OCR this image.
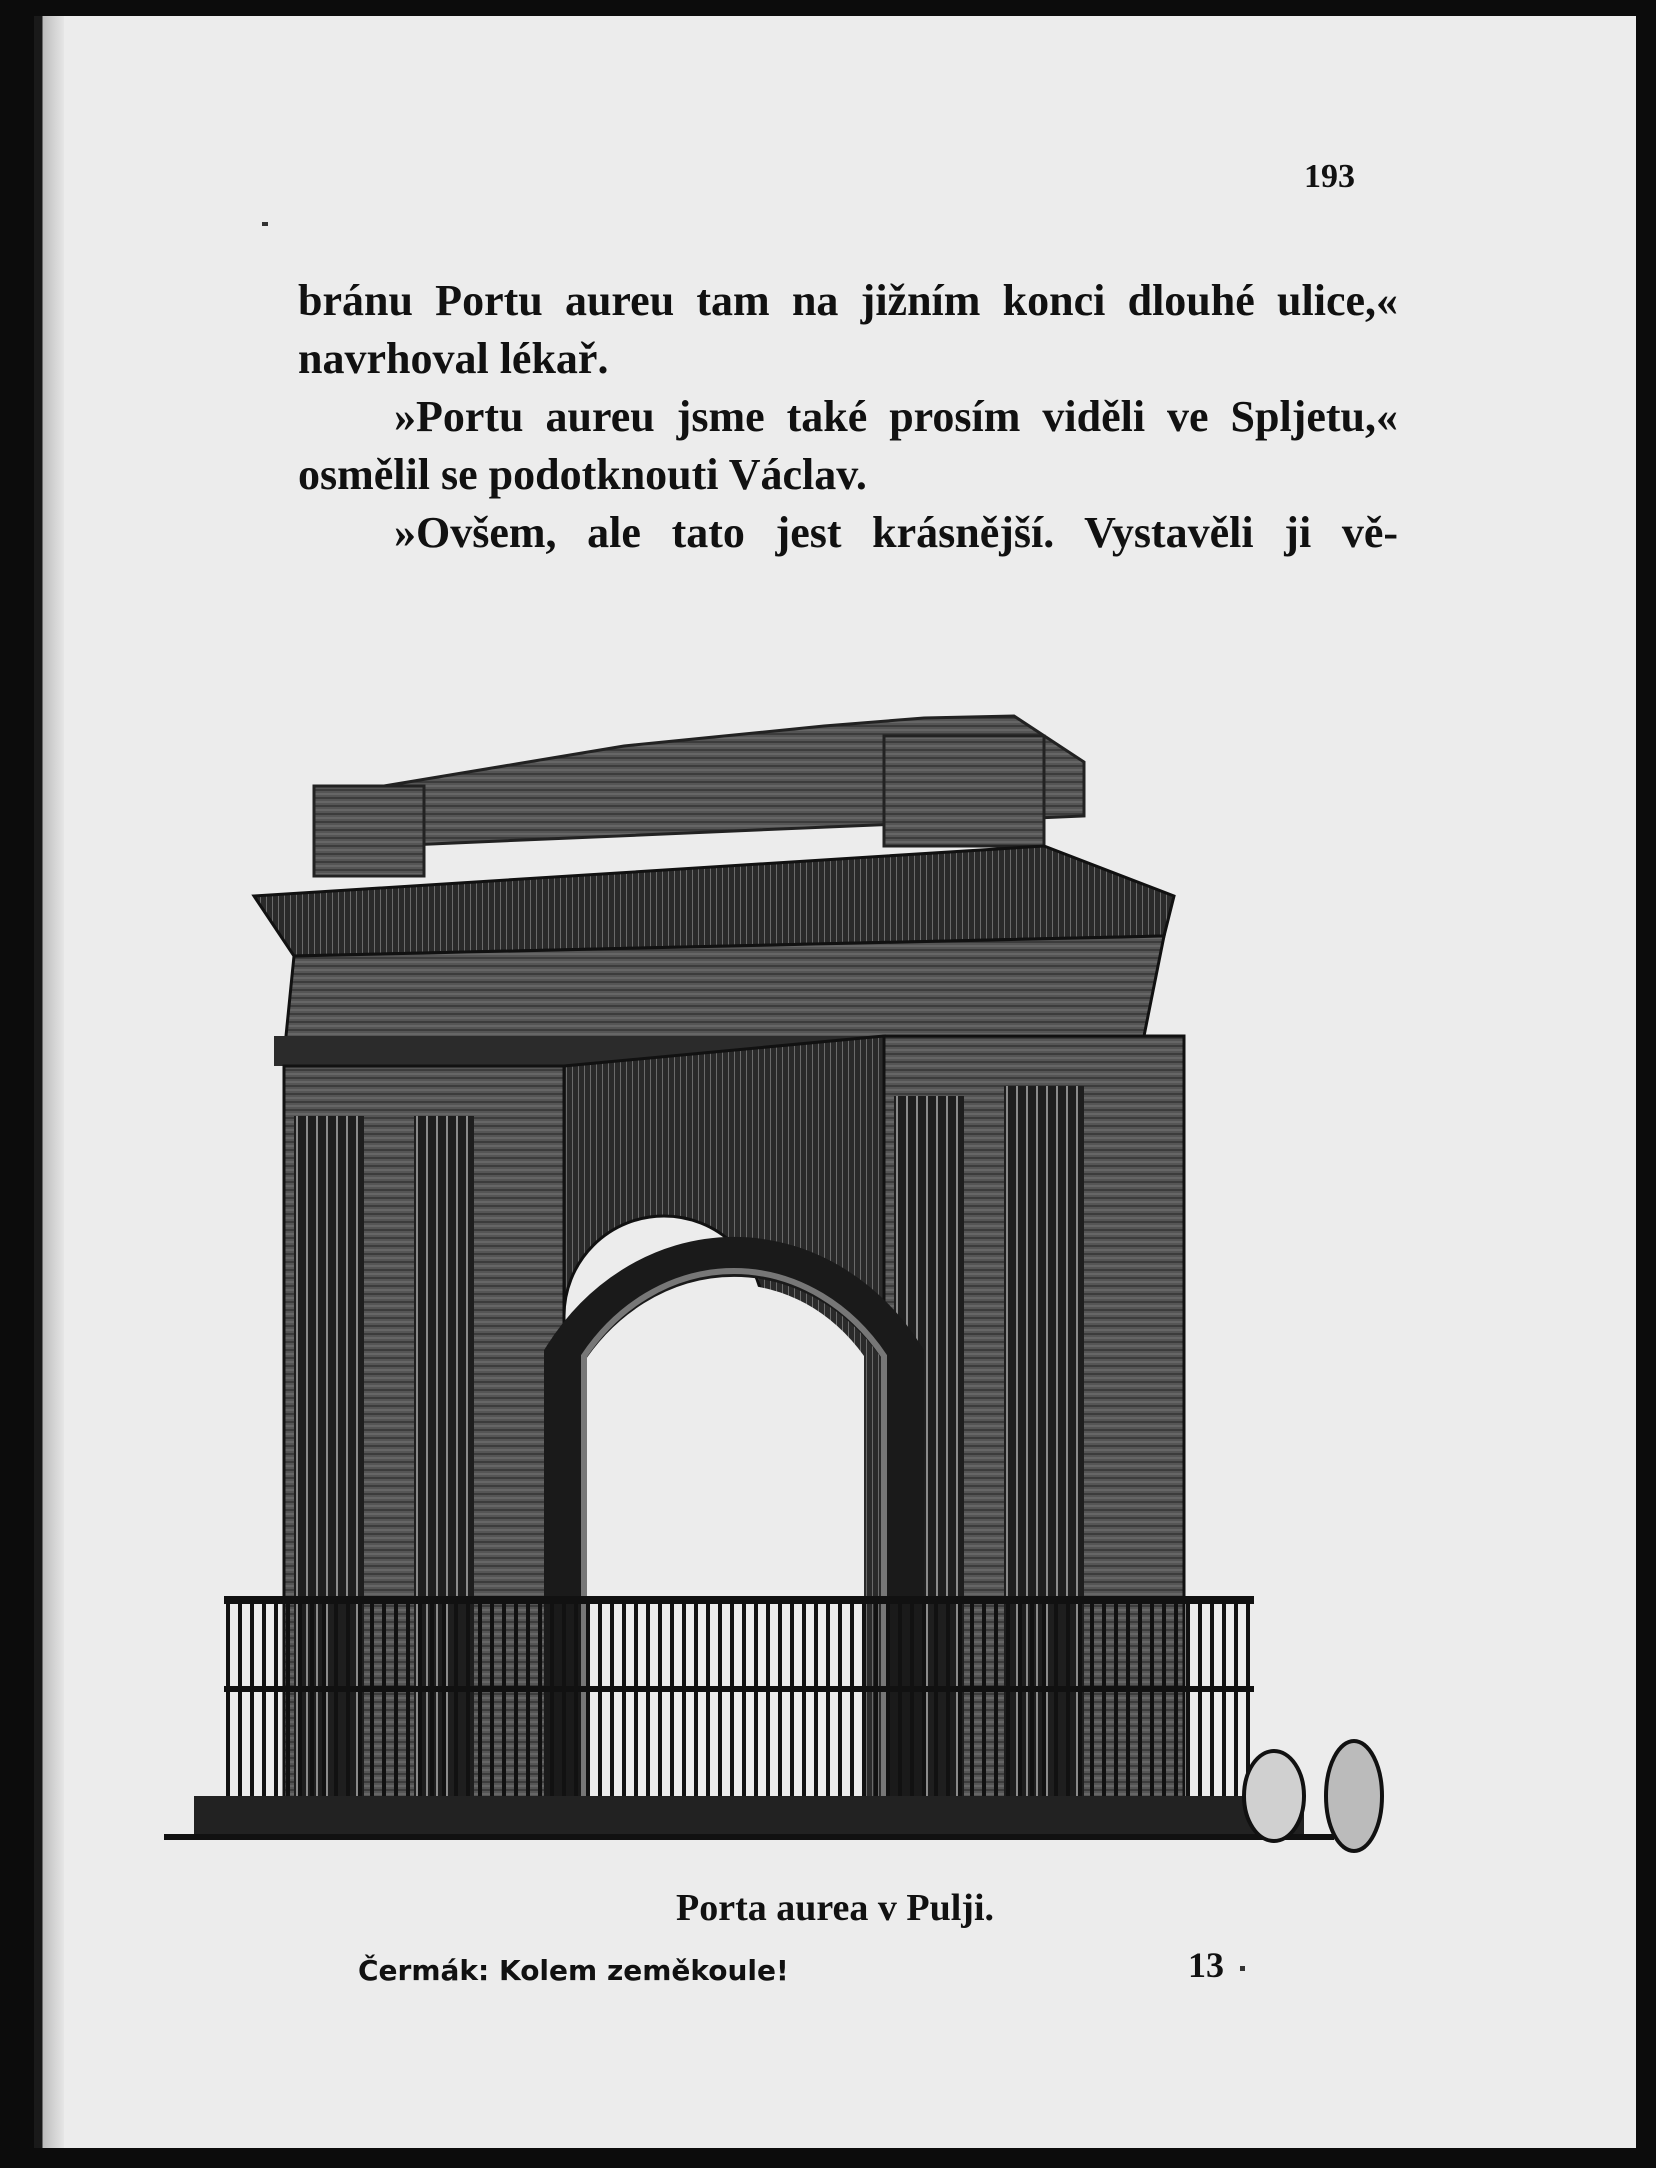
193
bránu Portu aureu tam na jižním konci dlouhé ulice,«
navrhoval lékař.
»Portu aureu jsme také prosím viděli ve Spljetu,«
osmělil se podotknouti Václav.
»Ovšem, ale tato jest krásnější. Vystavěli ji vě-
Porta aurea v Pulji.
Čermák: Kolem zeměkoule!	13
